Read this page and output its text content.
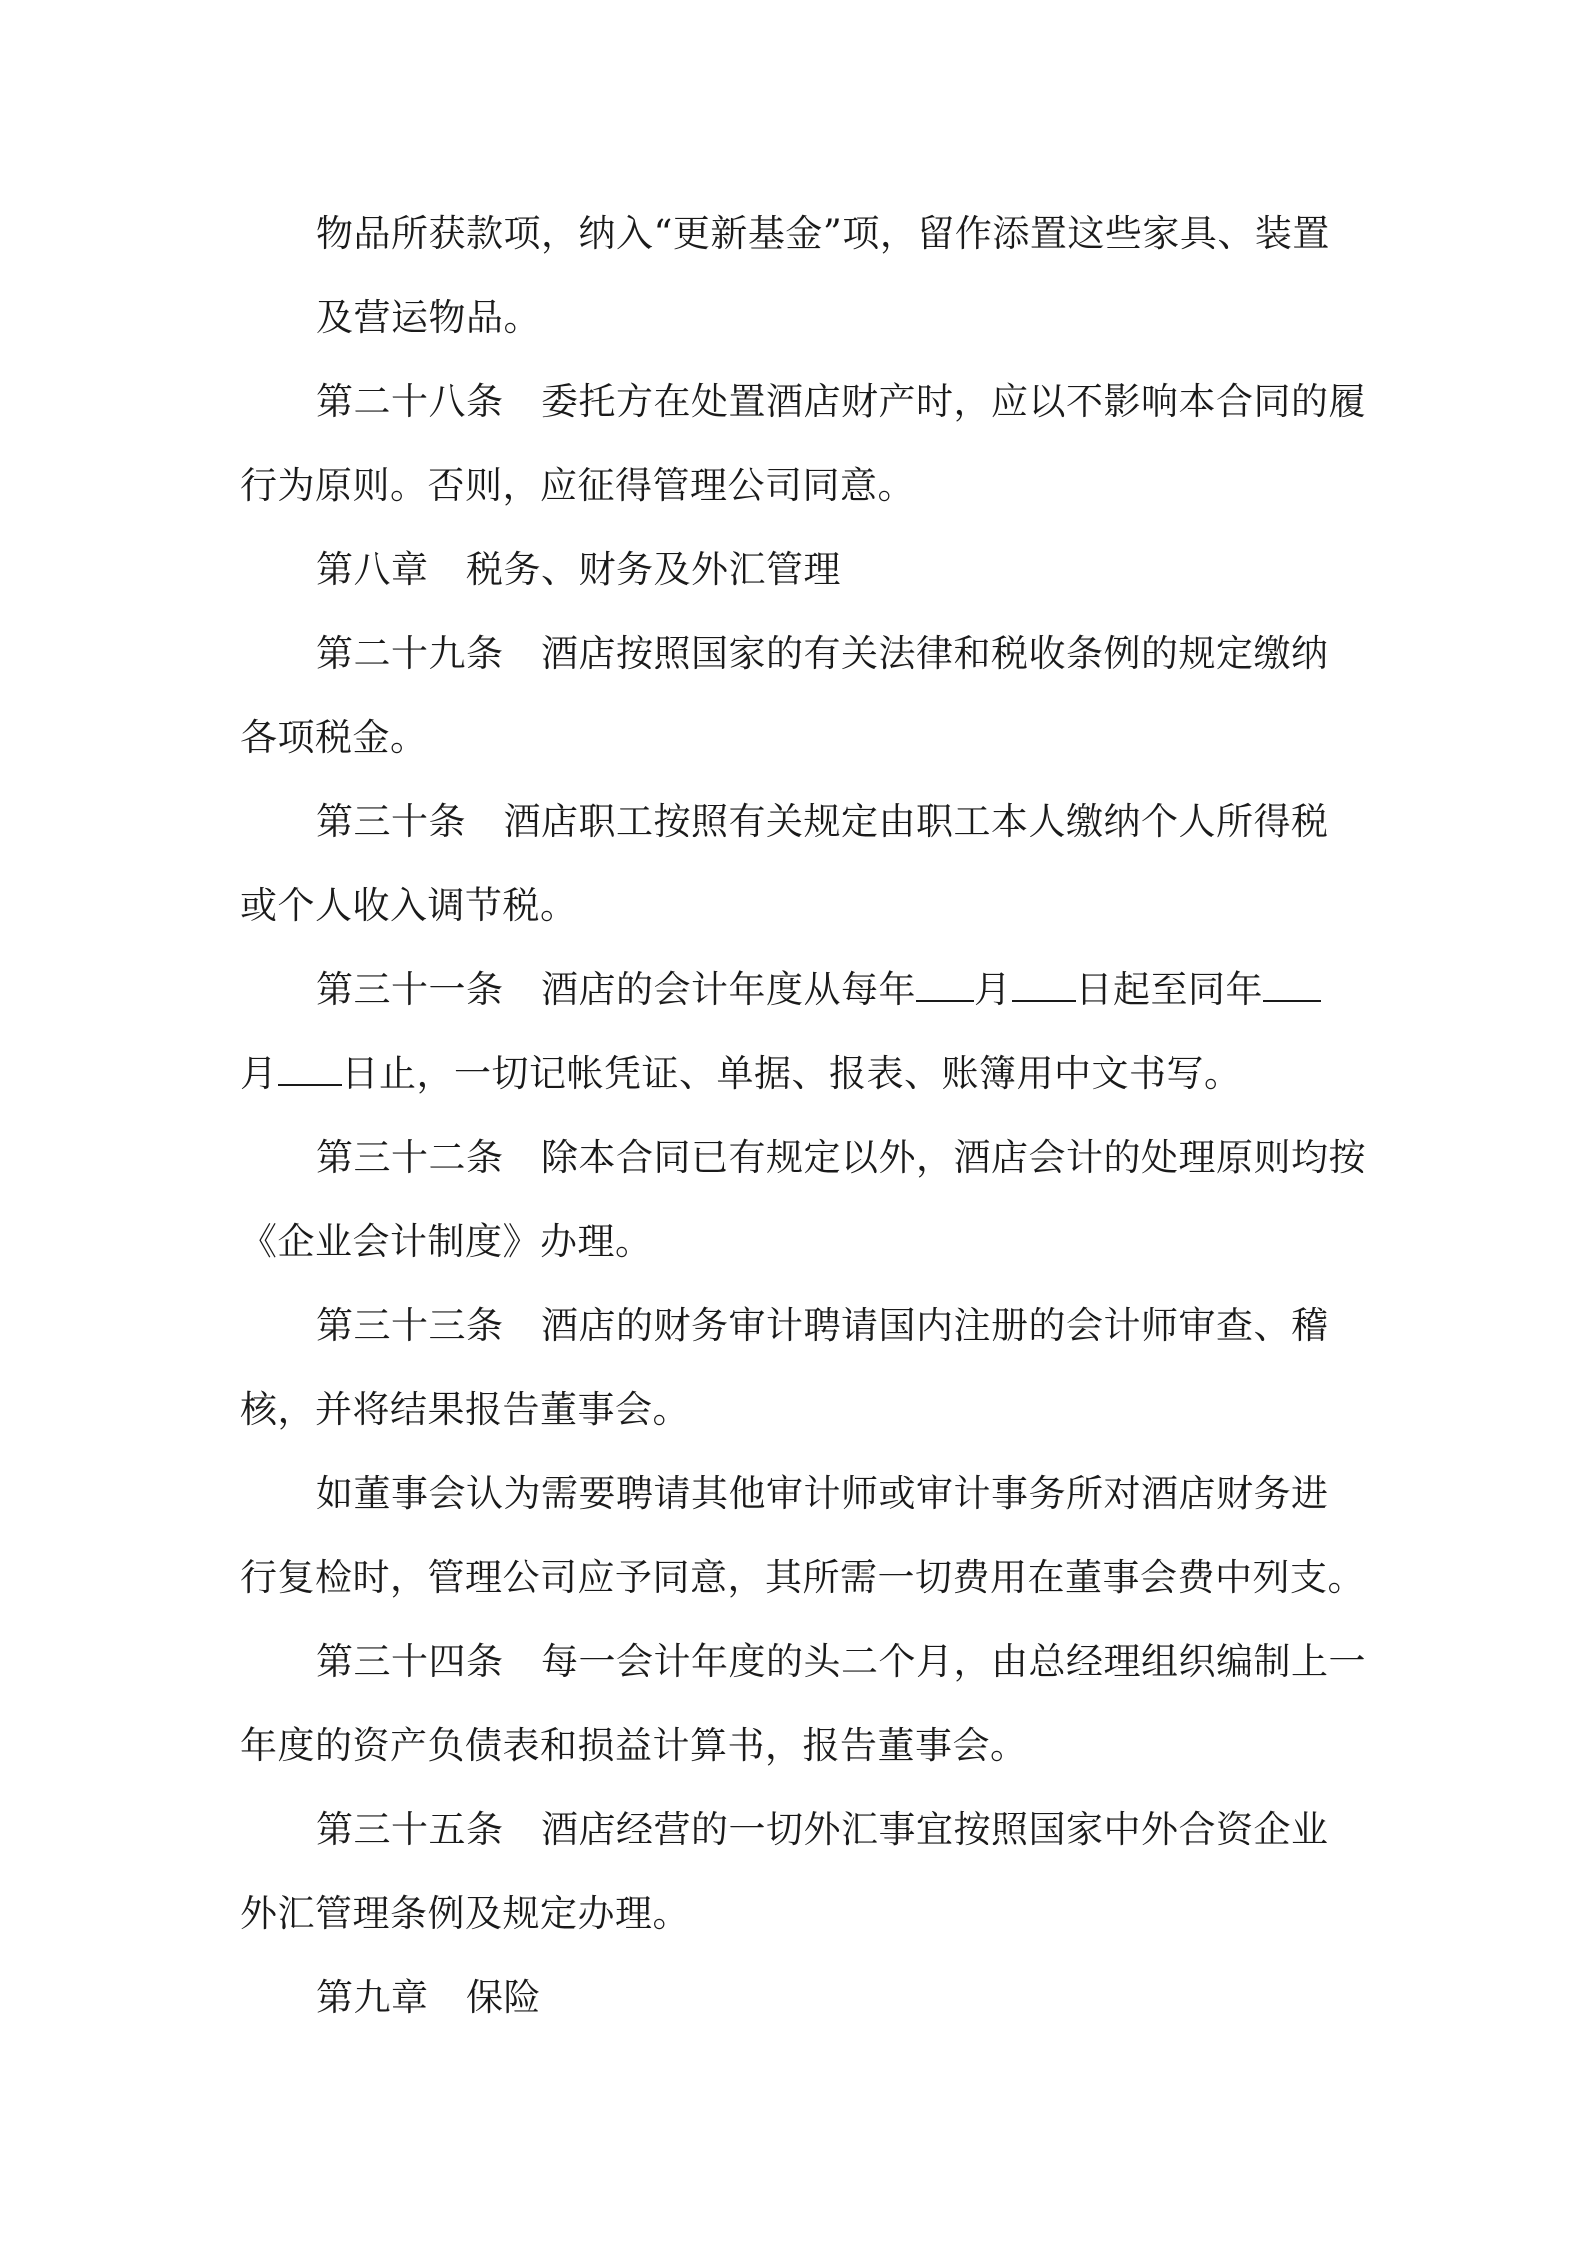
物品所获款项，纳入“更新基金”项，留作添置这些家具、装置
及营运物品。
第二十八条　委托方在处置酒店财产时，应以不影响本合同的履
行为原则。否则，应征得管理公司同意。
第八章　税务、财务及外汇管理
第二十九条　酒店按照国家的有关法律和税收条例的规定缴纳
各项税金。
第三十条　酒店职工按照有关规定由职工本人缴纳个人所得税
或个人收入调节税。
第三十一条　酒店的会计年度从每年 月 日起至同年
月 日止，一切记帐凭证、单据、报表、账簿用中文书写。
第三十二条　除本合同已有规定以外，酒店会计的处理原则均按
《企业会计制度》办理。
第三十三条　酒店的财务审计聘请国内注册的会计师审查、稽
核，并将结果报告董事会。
如董事会认为需要聘请其他审计师或审计事务所对酒店财务进
行复检时，管理公司应予同意，其所需一切费用在董事会费中列支。
第三十四条　每一会计年度的头二个月，由总经理组织编制上一
年度的资产负债表和损益计算书，报告董事会。
第三十五条　酒店经营的一切外汇事宜按照国家中外合资企业
外汇管理条例及规定办理。
第九章　保险
